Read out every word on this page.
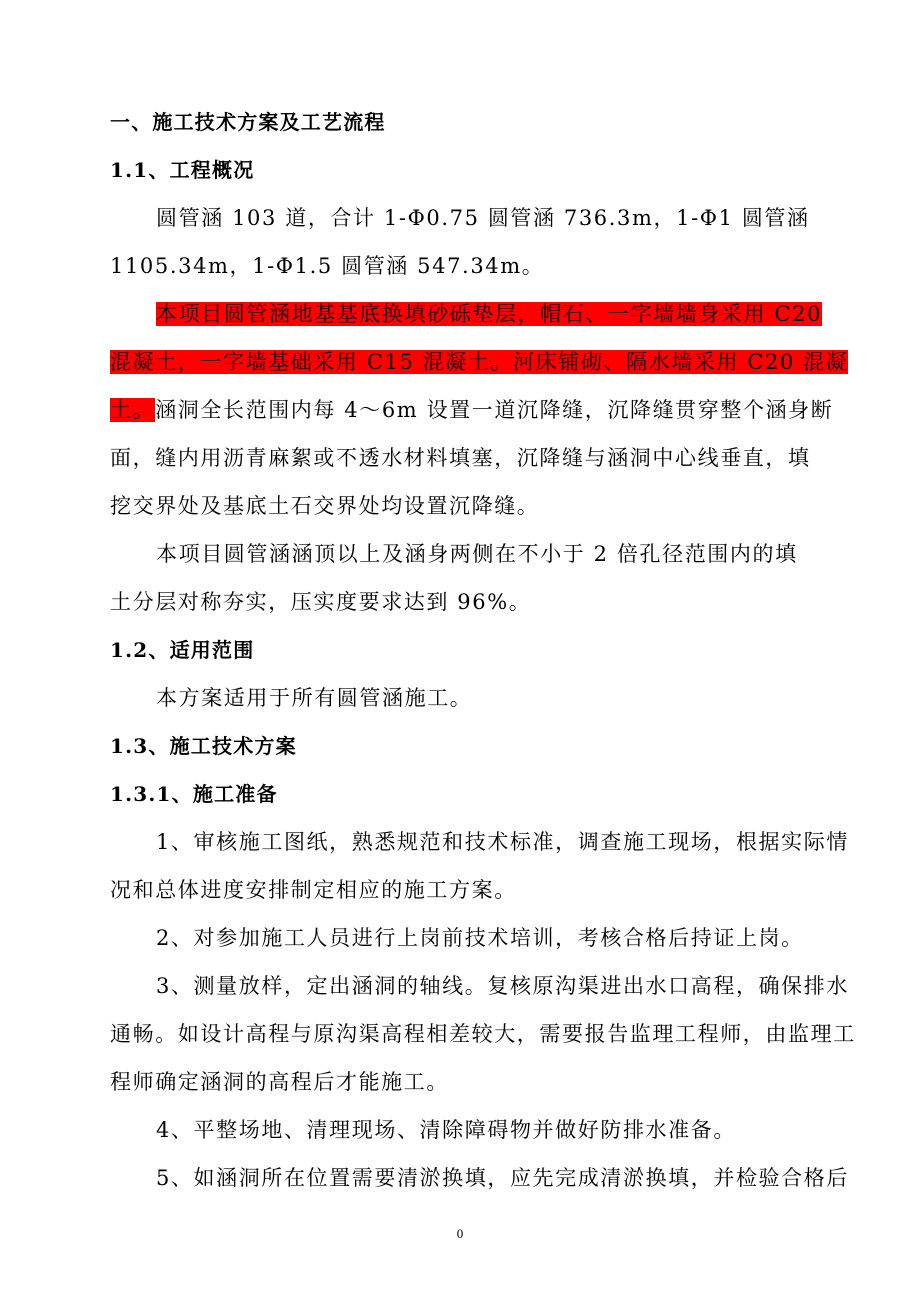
一、施工技术方案及工艺流程
1.1、工程概况
圆管涵 103 道，合计 1-Φ0.75 圆管涵 736.3m，1-Φ1 圆管涵
1105.34m，1-Φ1.5 圆管涵 547.34m。
本项目圆管涵地基基底换填砂砾垫层，帽石、一字墙墙身采用 C20
混凝土，一字墙基础采用 C15 混凝土。河床铺砌、隔水墙采用 C20 混凝
土。涵洞全长范围内每 4～6m 设置一道沉降缝，沉降缝贯穿整个涵身断
面，缝内用沥青麻絮或不透水材料填塞，沉降缝与涵洞中心线垂直，填
挖交界处及基底土石交界处均设置沉降缝。
本项目圆管涵涵顶以上及涵身两侧在不小于 2 倍孔径范围内的填
土分层对称夯实，压实度要求达到 96%。
1.2、适用范围
本方案适用于所有圆管涵施工。
1.3、施工技术方案
1.3.1、施工准备
1、审核施工图纸，熟悉规范和技术标准，调查施工现场，根据实际情
况和总体进度安排制定相应的施工方案。
2、对参加施工人员进行上岗前技术培训，考核合格后持证上岗。
3、测量放样，定出涵洞的轴线。复核原沟渠进出水口高程，确保排水
通畅。如设计高程与原沟渠高程相差较大，需要报告监理工程师，由监理工
程师确定涵洞的高程后才能施工。
4、平整场地、清理现场、清除障碍物并做好防排水准备。
5、如涵洞所在位置需要清淤换填，应先完成清淤换填，并检验合格后
0
